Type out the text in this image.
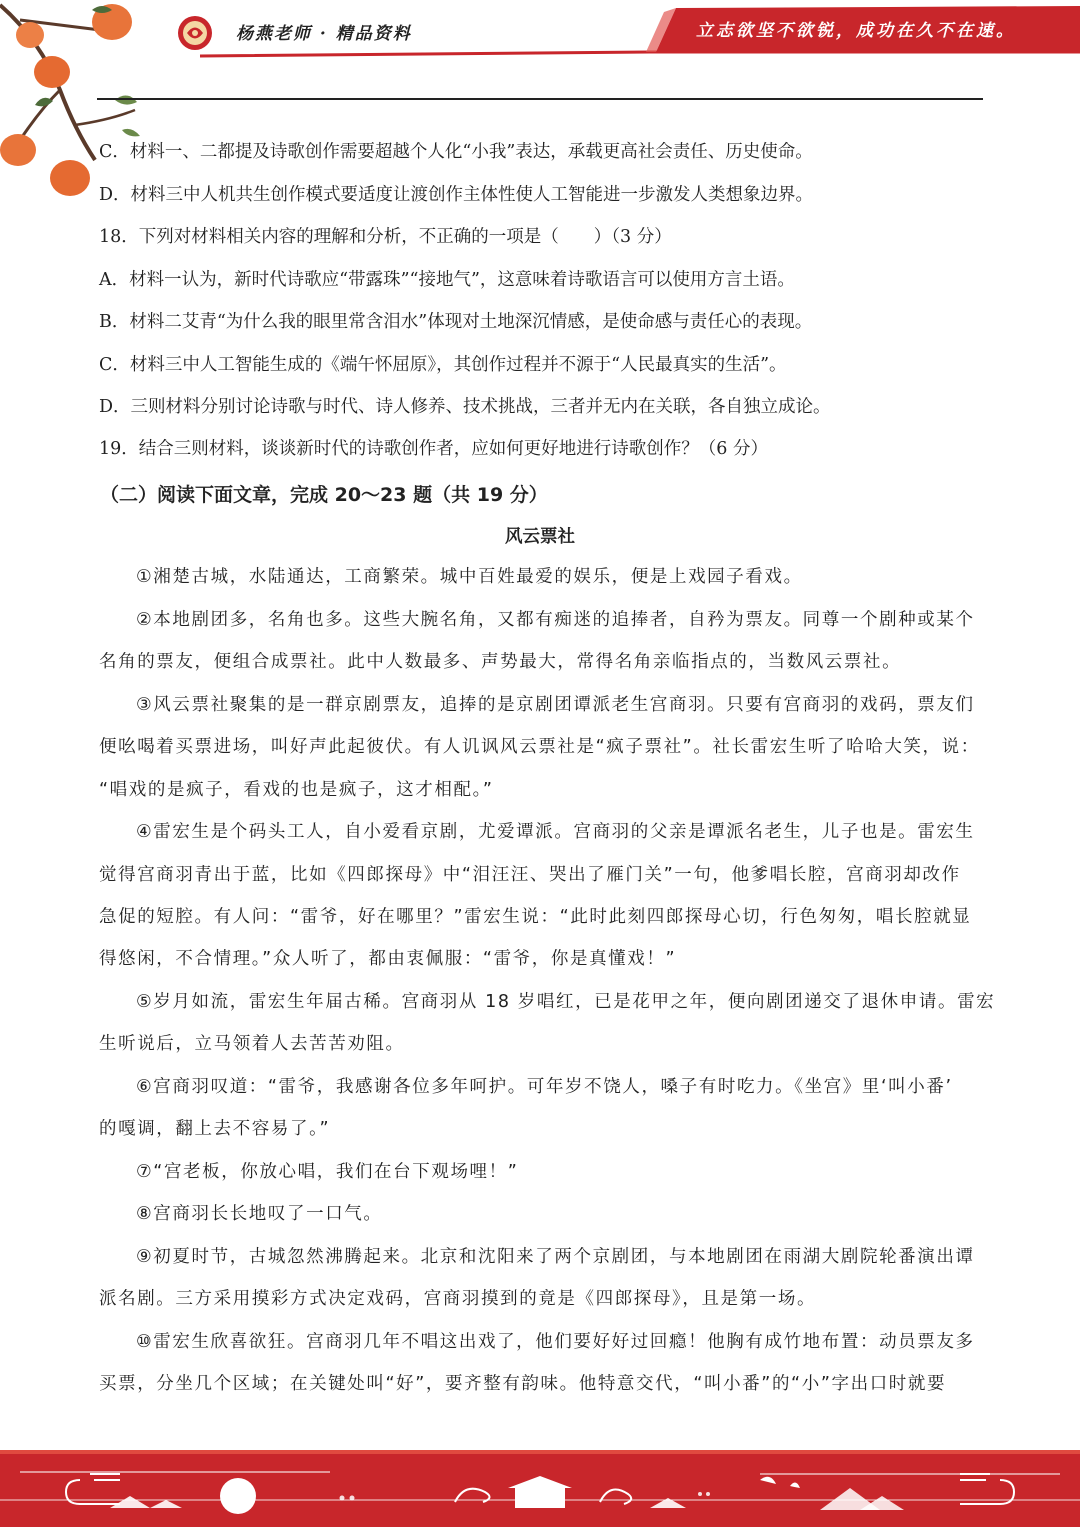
杨燕老师 · 精品资料	立志欲坚不欲锐，成功在久不在速。
C．材料一、二都提及诗歌创作需要超越个人化“小我”表达，承载更高社会责任、历史使命。
D．材料三中人机共生创作模式要适度让渡创作主体性使人工智能进一步激发人类想象边界。
18．下列对材料相关内容的理解和分析，不正确的一项是（　　）（3 分）
A．材料一认为，新时代诗歌应“带露珠”“接地气”，这意味着诗歌语言可以使用方言土语。
B．材料二艾青“为什么我的眼里常含泪水”体现对土地深沉情感，是使命感与责任心的表现。
C．材料三中人工智能生成的《端午怀屈原》，其创作过程并不源于“人民最真实的生活”。
D．三则材料分别讨论诗歌与时代、诗人修养、技术挑战，三者并无内在关联，各自独立成论。
19．结合三则材料，谈谈新时代的诗歌创作者，应如何更好地进行诗歌创作？（6 分）
（二）阅读下面文章，完成 20～23 题（共 19 分）
风云票社
①湘楚古城，水陆通达，工商繁荣。城中百姓最爱的娱乐，便是上戏园子看戏。
②本地剧团多，名角也多。这些大腕名角，又都有痴迷的追捧者，自矜为票友。同尊一个剧种或某个
名角的票友，便组合成票社。此中人数最多、声势最大，常得名角亲临指点的，当数风云票社。
③风云票社聚集的是一群京剧票友，追捧的是京剧团谭派老生宫商羽。只要有宫商羽的戏码，票友们
便吆喝着买票进场，叫好声此起彼伏。有人讥讽风云票社是“疯子票社”。社长雷宏生听了哈哈大笑，说：
“唱戏的是疯子，看戏的也是疯子，这才相配。”
④雷宏生是个码头工人，自小爱看京剧，尤爱谭派。宫商羽的父亲是谭派名老生，儿子也是。雷宏生
觉得宫商羽青出于蓝，比如《四郎探母》中“泪汪汪、哭出了雁门关”一句，他爹唱长腔，宫商羽却改作
急促的短腔。有人问：“雷爷，好在哪里？”雷宏生说：“此时此刻四郎探母心切，行色匆匆，唱长腔就显
得悠闲，不合情理。”众人听了，都由衷佩服：“雷爷，你是真懂戏！”
⑤岁月如流，雷宏生年届古稀。宫商羽从 18 岁唱红，已是花甲之年，便向剧团递交了退休申请。雷宏
生听说后，立马领着人去苦苦劝阻。
⑥宫商羽叹道：“雷爷，我感谢各位多年呵护。可年岁不饶人，嗓子有时吃力。《坐宫》里‘叫小番’
的嘎调，翻上去不容易了。”
⑦“宫老板，你放心唱，我们在台下观场哩！”
⑧宫商羽长长地叹了一口气。
⑨初夏时节，古城忽然沸腾起来。北京和沈阳来了两个京剧团，与本地剧团在雨湖大剧院轮番演出谭
派名剧。三方采用摸彩方式决定戏码，宫商羽摸到的竟是《四郎探母》，且是第一场。
⑩雷宏生欣喜欲狂。宫商羽几年不唱这出戏了，他们要好好过回瘾！他胸有成竹地布置：动员票友多
买票，分坐几个区域；在关键处叫“好”，要齐整有韵味。他特意交代，“叫小番”的“小”字出口时就要
